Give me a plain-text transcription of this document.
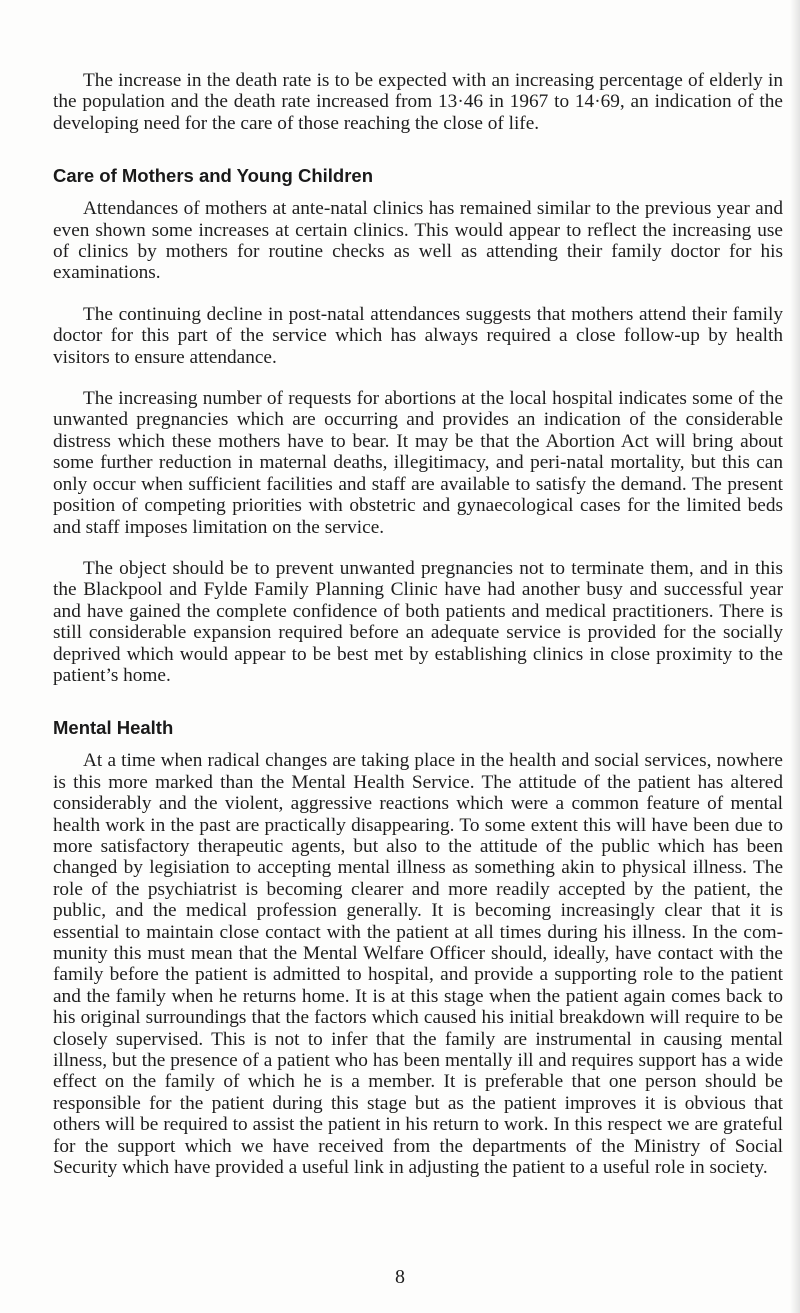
The increase in the death rate is to be expected with an increasing percentage of elderly in the population and the death rate increased from 13·46 in 1967 to 14·69, an indication of the developing need for the care of those reaching the close of life.

Care of Mothers and Young Children

Attendances of mothers at ante-natal clinics has remained similar to the previous year and even shown some increases at certain clinics. This would appear to reflect the increasing use of clinics by mothers for routine checks as well as attending their family doctor for his examinations.

The continuing decline in post-natal attendances suggests that mothers attend their family doctor for this part of the service which has always required a close follow-up by health visitors to ensure attendance.

The increasing number of requests for abortions at the local hospital indicates some of the unwanted pregnancies which are occurring and provides an indication of the considerable distress which these mothers have to bear. It may be that the Abortion Act will bring about some further reduction in maternal deaths, illegitimacy, and peri-natal mortality, but this can only occur when sufficient facilities and staff are available to satisfy the demand. The present position of competing priorities with obstetric and gynaecological cases for the limited beds and staff imposes limitation on the service.

The object should be to prevent unwanted pregnancies not to terminate them, and in this the Blackpool and Fylde Family Planning Clinic have had another busy and successful year and have gained the complete confidence of both patients and medical practitioners. There is still considerable expansion required before an adequate service is provided for the socially deprived which would appear to be best met by establishing clinics in close proximity to the patient’s home.

Mental Health

At a time when radical changes are taking place in the health and social services, nowhere is this more marked than the Mental Health Service. The attitude of the patient has altered considerably and the violent, aggressive reactions which were a common feature of mental health work in the past are practically disappearing. To some extent this will have been due to more satisfactory therapeutic agents, but also to the attitude of the public which has been changed by legisiation to accepting mental illness as something akin to physical illness. The role of the psychiatrist is becoming clearer and more readily accepted by the patient, the public, and the medical profession generally. It is becoming increasingly clear that it is essential to maintain close contact with the patient at all times during his illness. In the com-munity this must mean that the Mental Welfare Officer should, ideally, have contact with the family before the patient is admitted to hospital, and provide a supporting role to the patient and the family when he returns home. It is at this stage when the patient again comes back to his original surroundings that the factors which caused his initial breakdown will require to be closely supervised. This is not to infer that the family are instrumental in causing mental illness, but the presence of a patient who has been mentally ill and requires support has a wide effect on the family of which he is a member. It is preferable that one person should be responsible for the patient during this stage but as the patient improves it is obvious that others will be required to assist the patient in his return to work. In this respect we are grateful for the support which we have received from the departments of the Ministry of Social Security which have provided a useful link in adjusting the patient to a useful role in society.

8
